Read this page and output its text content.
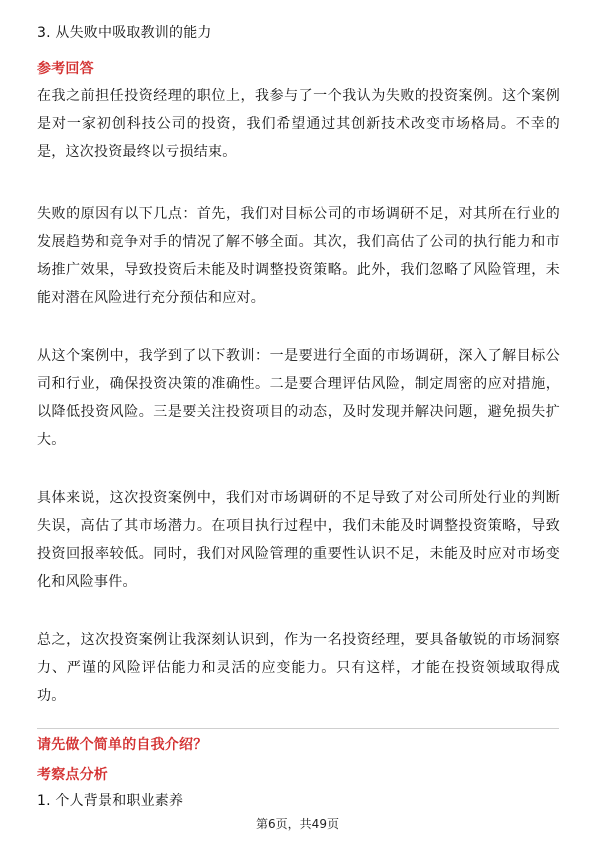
3. 从失败中吸取教训的能力
参考回答
在我之前担任投资经理的职位上，我参与了一个我认为失败的投资案例。这个案例是对一家初创科技公司的投资，我们希望通过其创新技术改变市场格局。不幸的是，这次投资最终以亏损结束。
失败的原因有以下几点：首先，我们对目标公司的市场调研不足，对其所在行业的发展趋势和竞争对手的情况了解不够全面。其次，我们高估了公司的执行能力和市场推广效果，导致投资后未能及时调整投资策略。此外，我们忽略了风险管理，未能对潜在风险进行充分预估和应对。
从这个案例中，我学到了以下教训：一是要进行全面的市场调研，深入了解目标公司和行业，确保投资决策的准确性。二是要合理评估风险，制定周密的应对措施，以降低投资风险。三是要关注投资项目的动态，及时发现并解决问题，避免损失扩大。
具体来说，这次投资案例中，我们对市场调研的不足导致了对公司所处行业的判断失误，高估了其市场潜力。在项目执行过程中，我们未能及时调整投资策略，导致投资回报率较低。同时，我们对风险管理的重要性认识不足，未能及时应对市场变化和风险事件。
总之，这次投资案例让我深刻认识到，作为一名投资经理，要具备敏锐的市场洞察力、严谨的风险评估能力和灵活的应变能力。只有这样，才能在投资领域取得成功。
请先做个简单的自我介绍？
考察点分析
1. 个人背景和职业素养
第6页，共49页
